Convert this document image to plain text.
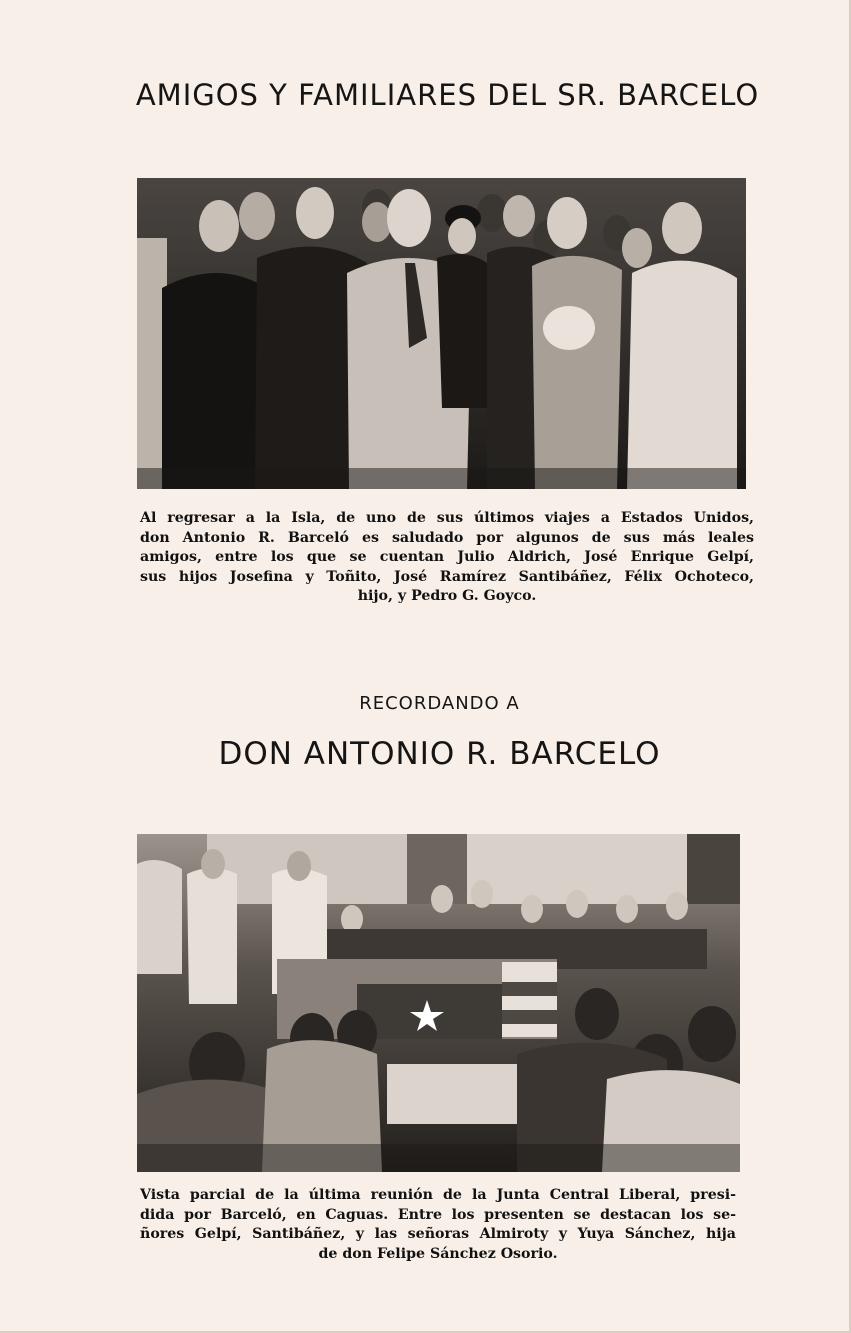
AMIGOS Y FAMILIARES DEL SR. BARCELO
Al regresar a la Isla, de uno de sus últimos viajes a Estados Unidos,
don Antonio R. Barceló es saludado por algunos de sus más leales
amigos, entre los que se cuentan Julio Aldrich, José Enrique Gelpí,
sus hijos Josefina y Toñito, José Ramírez Santibáñez, Félix Ochoteco,
hijo, y Pedro G. Goyco.
RECORDANDO A
DON ANTONIO R. BARCELO
Vista parcial de la última reunión de la Junta Central Liberal, presi-
dida por Barceló, en Caguas. Entre los presenten se destacan los se-
ñores Gelpí, Santibáñez, y las señoras Almiroty y Yuya Sánchez, hija
de don Felipe Sánchez Osorio.
